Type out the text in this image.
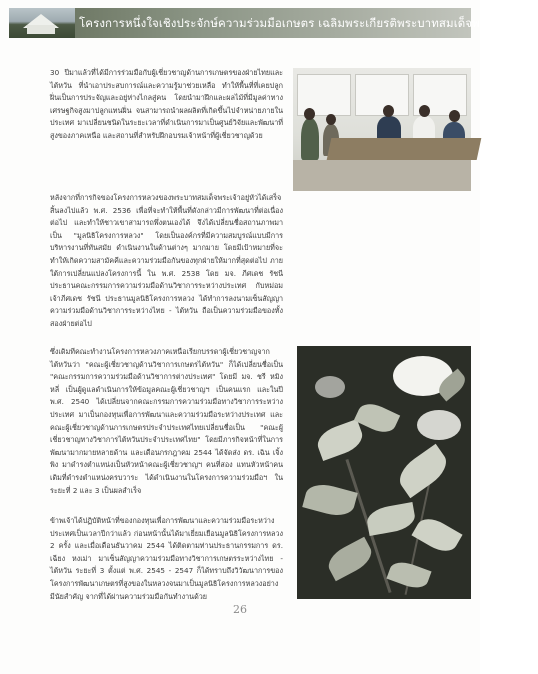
โครงการหนึ่งใจเชิงประจักษ์ความร่วมมือเกษตร เฉลิมพระเกียรติพระบาทสมเด็จพระเจ้าอยู่หัว
30 ปีมาแล้วที่ได้มีการร่วมมือกับผู้เชี่ยวชาญด้านการเกษตรของฝ่ายไทยและไต้หวัน ที่นำเอาประสบการณ์และความรู้มาช่วยเหลือ ทำให้พื้นที่ที่เคยปลูกฝิ่นเป็นการประจัญและอยู่ห่างไกลสู่คน โดยนำมาฝึกและผลไม้ที่มีมูลค่าทางเศรษฐกิจสูงมาปลูกแทนฝิ่น จนสามารถนำผลผลิตที่เกิดขึ้นไปจำหน่ายภายในประเทศ มาเปลี่ยนชนิดในระยะเวลาที่ดำเนินการมาเป็นศูนย์วิจัยและพัฒนาที่สูงของภาคเหนือ และสถานที่สำหรับฝึกอบรมเจ้าหน้าที่ผู้เชี่ยวชาญด้วย
หลังจากที่การกิจของโครงการหลวงของพระบาทสมเด็จพระเจ้าอยู่หัวได้เสร็จสิ้นลงไปแล้ว พ.ศ. 2536 เพื่อที่จะทำให้พื้นที่ดังกล่าวมีการพัฒนาที่ต่อเนื่องต่อไป และทำให้ชาวเขาสามารถพึ่งตนเองได้ จึงได้เปลี่ยนชื่อสถานภาพมาเป็น "มูลนิธิโครงการหลวง" โดยเป็นองค์กรที่มีความสมบูรณ์แบบมีการบริหารงานที่ทันสมัย ดำเนินงานในด้านต่างๆ มากมาย โดยมีเป้าหมายที่จะทำให้เกิดความสามัคคีและความร่วมมือกันของทุกฝ่ายให้มากที่สุดต่อไป ภายใต้การเปลี่ยนแปลงโครงการนี้ ใน พ.ศ. 2538 โดย มจ. ภีศเดช รัชนี ประธานคณะกรรมการความร่วมมือด้านวิชาการระหว่างประเทศ กับหม่อมเจ้าภีศเดช รัชนี ประธานมูลนิธิโครงการหลวง ได้ทำการลงนามเซ็นสัญญาความร่วมมือด้านวิชาการระหว่างไทย - ไต้หวัน ถือเป็นความร่วมมือของทั้งสองฝ่ายต่อไป
ซึ่งเดิมทีคณะทำงานโครงการหลวงภาคเหนือเรียกบรรดาผู้เชี่ยวชาญจากไต้หวันว่า "คณะผู้เชี่ยวชาญด้านวิชาการเกษตรไต้หวัน" ก็ได้เปลี่ยนชื่อเป็น "คณะกรรมการความร่วมมือด้านวิชาการต่างประเทศ" โดยมี มจ. ชรี หมิงหลี่ เป็นผู้ดูแลดำเนินการให้ข้อมูลคณะผู้เชี่ยวชาญฯ เป็นคนแรก และในปี พ.ศ. 2540 ได้เปลี่ยนจากคณะกรรมการความร่วมมือทางวิชาการระหว่างประเทศ มาเป็นกองทุนเพื่อการพัฒนาและความร่วมมือระหว่างประเทศ และคณะผู้เชี่ยวชาญด้านการเกษตรประจำประเทศไทยเปลี่ยนชื่อเป็น "คณะผู้เชี่ยวชาญทางวิชาการไต้หวันประจำประเทศไทย" โดยมีภารกิจหน้าที่ในการพัฒนามากมายหลายด้าน และเดือนกรกฎาคม 2544 ได้จัดส่ง ดร. เฉิน เจิ้งพิง มาดำรงตำแหน่งเป็นหัวหน้าคณะผู้เชี่ยวชาญฯ คนที่สอง แทนหัวหน้าคนเดิมที่ดำรงตำแหน่งครบวาระ ได้ดำเนินงานในโครงการความร่วมมือฯ ในระยะที่ 2 และ 3 เป็นผลสำเร็จ
ข้าพเจ้าได้ปฏิบัติหน้าที่ของกองทุนเพื่อการพัฒนาและความร่วมมือระหว่างประเทศเป็นเวลาปีกว่าแล้ว ก่อนหน้านั้นได้มาเยี่ยมเยือนมูลนิธิโครงการหลวง 2 ครั้ง และเมื่อเดือนธันวาคม 2544 ได้ติดตามท่านประธานกรรมการ ดร. เฉียง หงเม่า มาเซ็นสัญญาความร่วมมือทางวิชาการเกษตรระหว่างไทย - ไต้หวัน ระยะที่ 3 ตั้งแต่ พ.ศ. 2545 - 2547 ก็ได้ทราบถึงวิวัฒนาการของโครงการพัฒนาเกษตรที่สูงของในหลวงจนมาเป็นมูลนิธิโครงการหลวงอย่างมีนัยสำคัญ จากที่ได้ผ่านความร่วมมือกันทำงานด้วย
26
